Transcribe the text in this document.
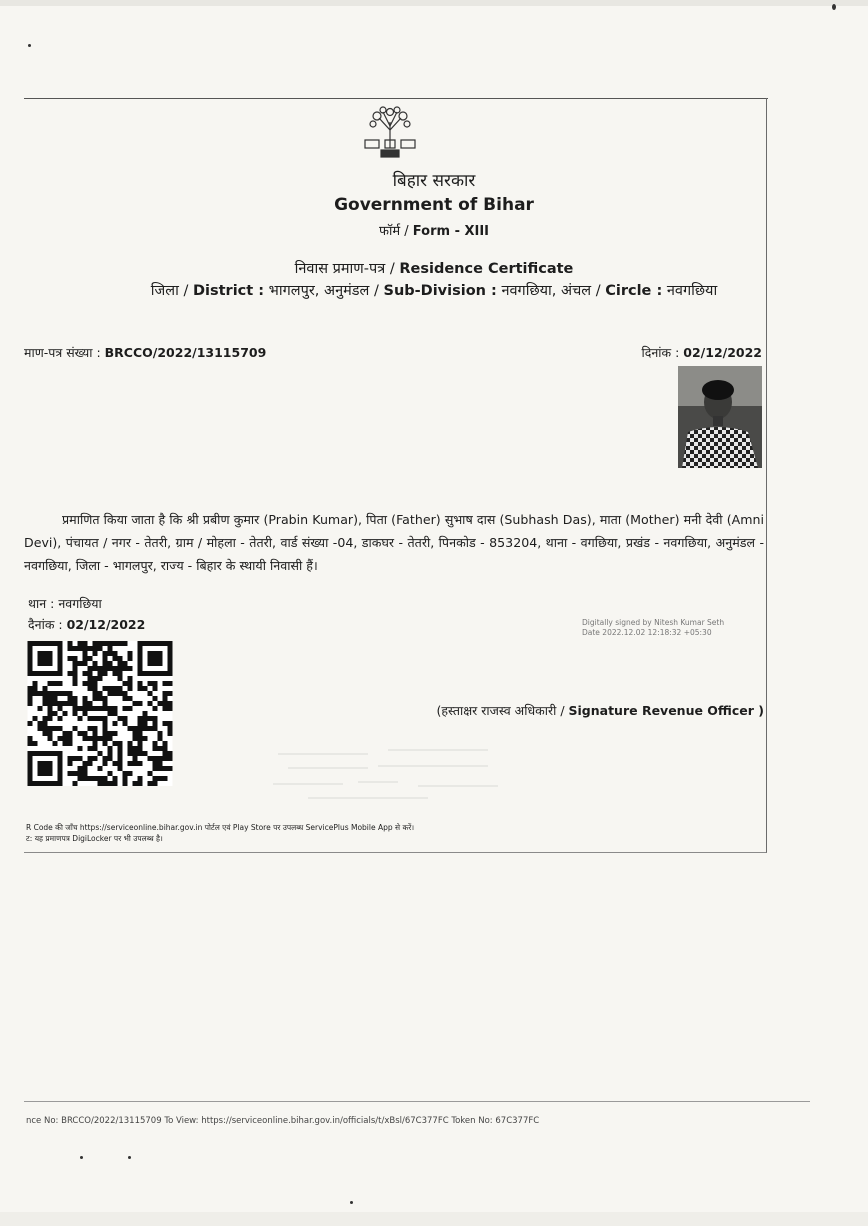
बिहार सरकार
Government of Bihar
फॉर्म / Form - XIII
निवास प्रमाण-पत्र / Residence Certificate
जिला / District : भागलपुर, अनुमंडल / Sub-Division : नवगछिया, अंचल / Circle : नवगछिया
माण-पत्र संख्या : BRCCO/2022/13115709	दिनांक : 02/12/2022
प्रमाणित किया जाता है कि श्री प्रबीण कुमार (Prabin Kumar), पिता (Father) सुभाष दास (Subhash Das), माता (Mother) मनी देवी (Amni Devi), पंचायत / नगर - तेतरी, ग्राम / मोहला - तेतरी, वार्ड संख्या -04, डाकघर - तेतरी, पिनकोड - 853204, थाना - वगछिया, प्रखंड - नवगछिया, अनुमंडल - नवगछिया, जिला - भागलपुर, राज्य - बिहार के स्थायी निवासी हैं।
थान : नवगछिया
दैनांक : 02/12/2022	Digitally signed by Nitesh Kumar Seth
Date 2022.12.02 12:18:32 +05:30
(हस्ताक्षर राजस्व अधिकारी / Signature Revenue Officer )
R Code की जाँच https://serviceonline.bihar.gov.in पोर्टल एवं Play Store पर उपलब्ध ServicePlus Mobile App से करें।
ट: यह प्रमाणपत्र DigiLocker पर भी उपलब्ध है।
nce No: BRCCO/2022/13115709 To View: https://serviceonline.bihar.gov.in/officials/t/xBsl/67C377FC Token No: 67C377FC
